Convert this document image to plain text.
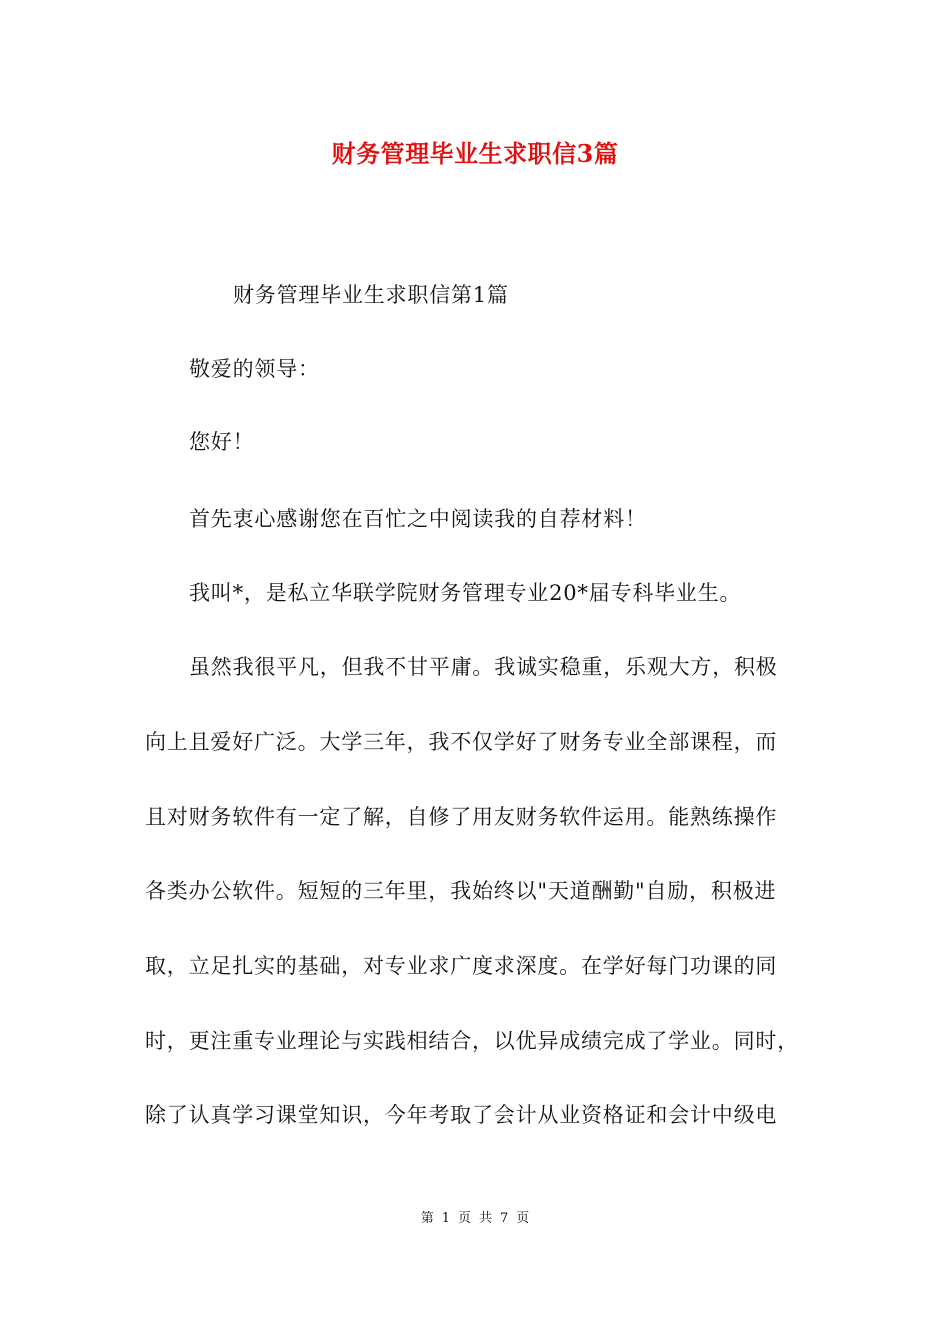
财务管理毕业生求职信3篇
财务管理毕业生求职信第1篇
敬爱的领导：
您好！
首先衷心感谢您在百忙之中阅读我的自荐材料！
我叫*，是私立华联学院财务管理专业20*届专科毕业生。
虽然我很平凡，但我不甘平庸。我诚实稳重，乐观大方，积极
向上且爱好广泛。大学三年，我不仅学好了财务专业全部课程，而
且对财务软件有一定了解，自修了用友财务软件运用。能熟练操作
各类办公软件。短短的三年里，我始终以"天道酬勤"自励，积极进
取，立足扎实的基础，对专业求广度求深度。在学好每门功课的同
时，更注重专业理论与实践相结合，以优异成绩完成了学业。同时，
除了认真学习课堂知识，今年考取了会计从业资格证和会计中级电
第 1 页 共 7 页
